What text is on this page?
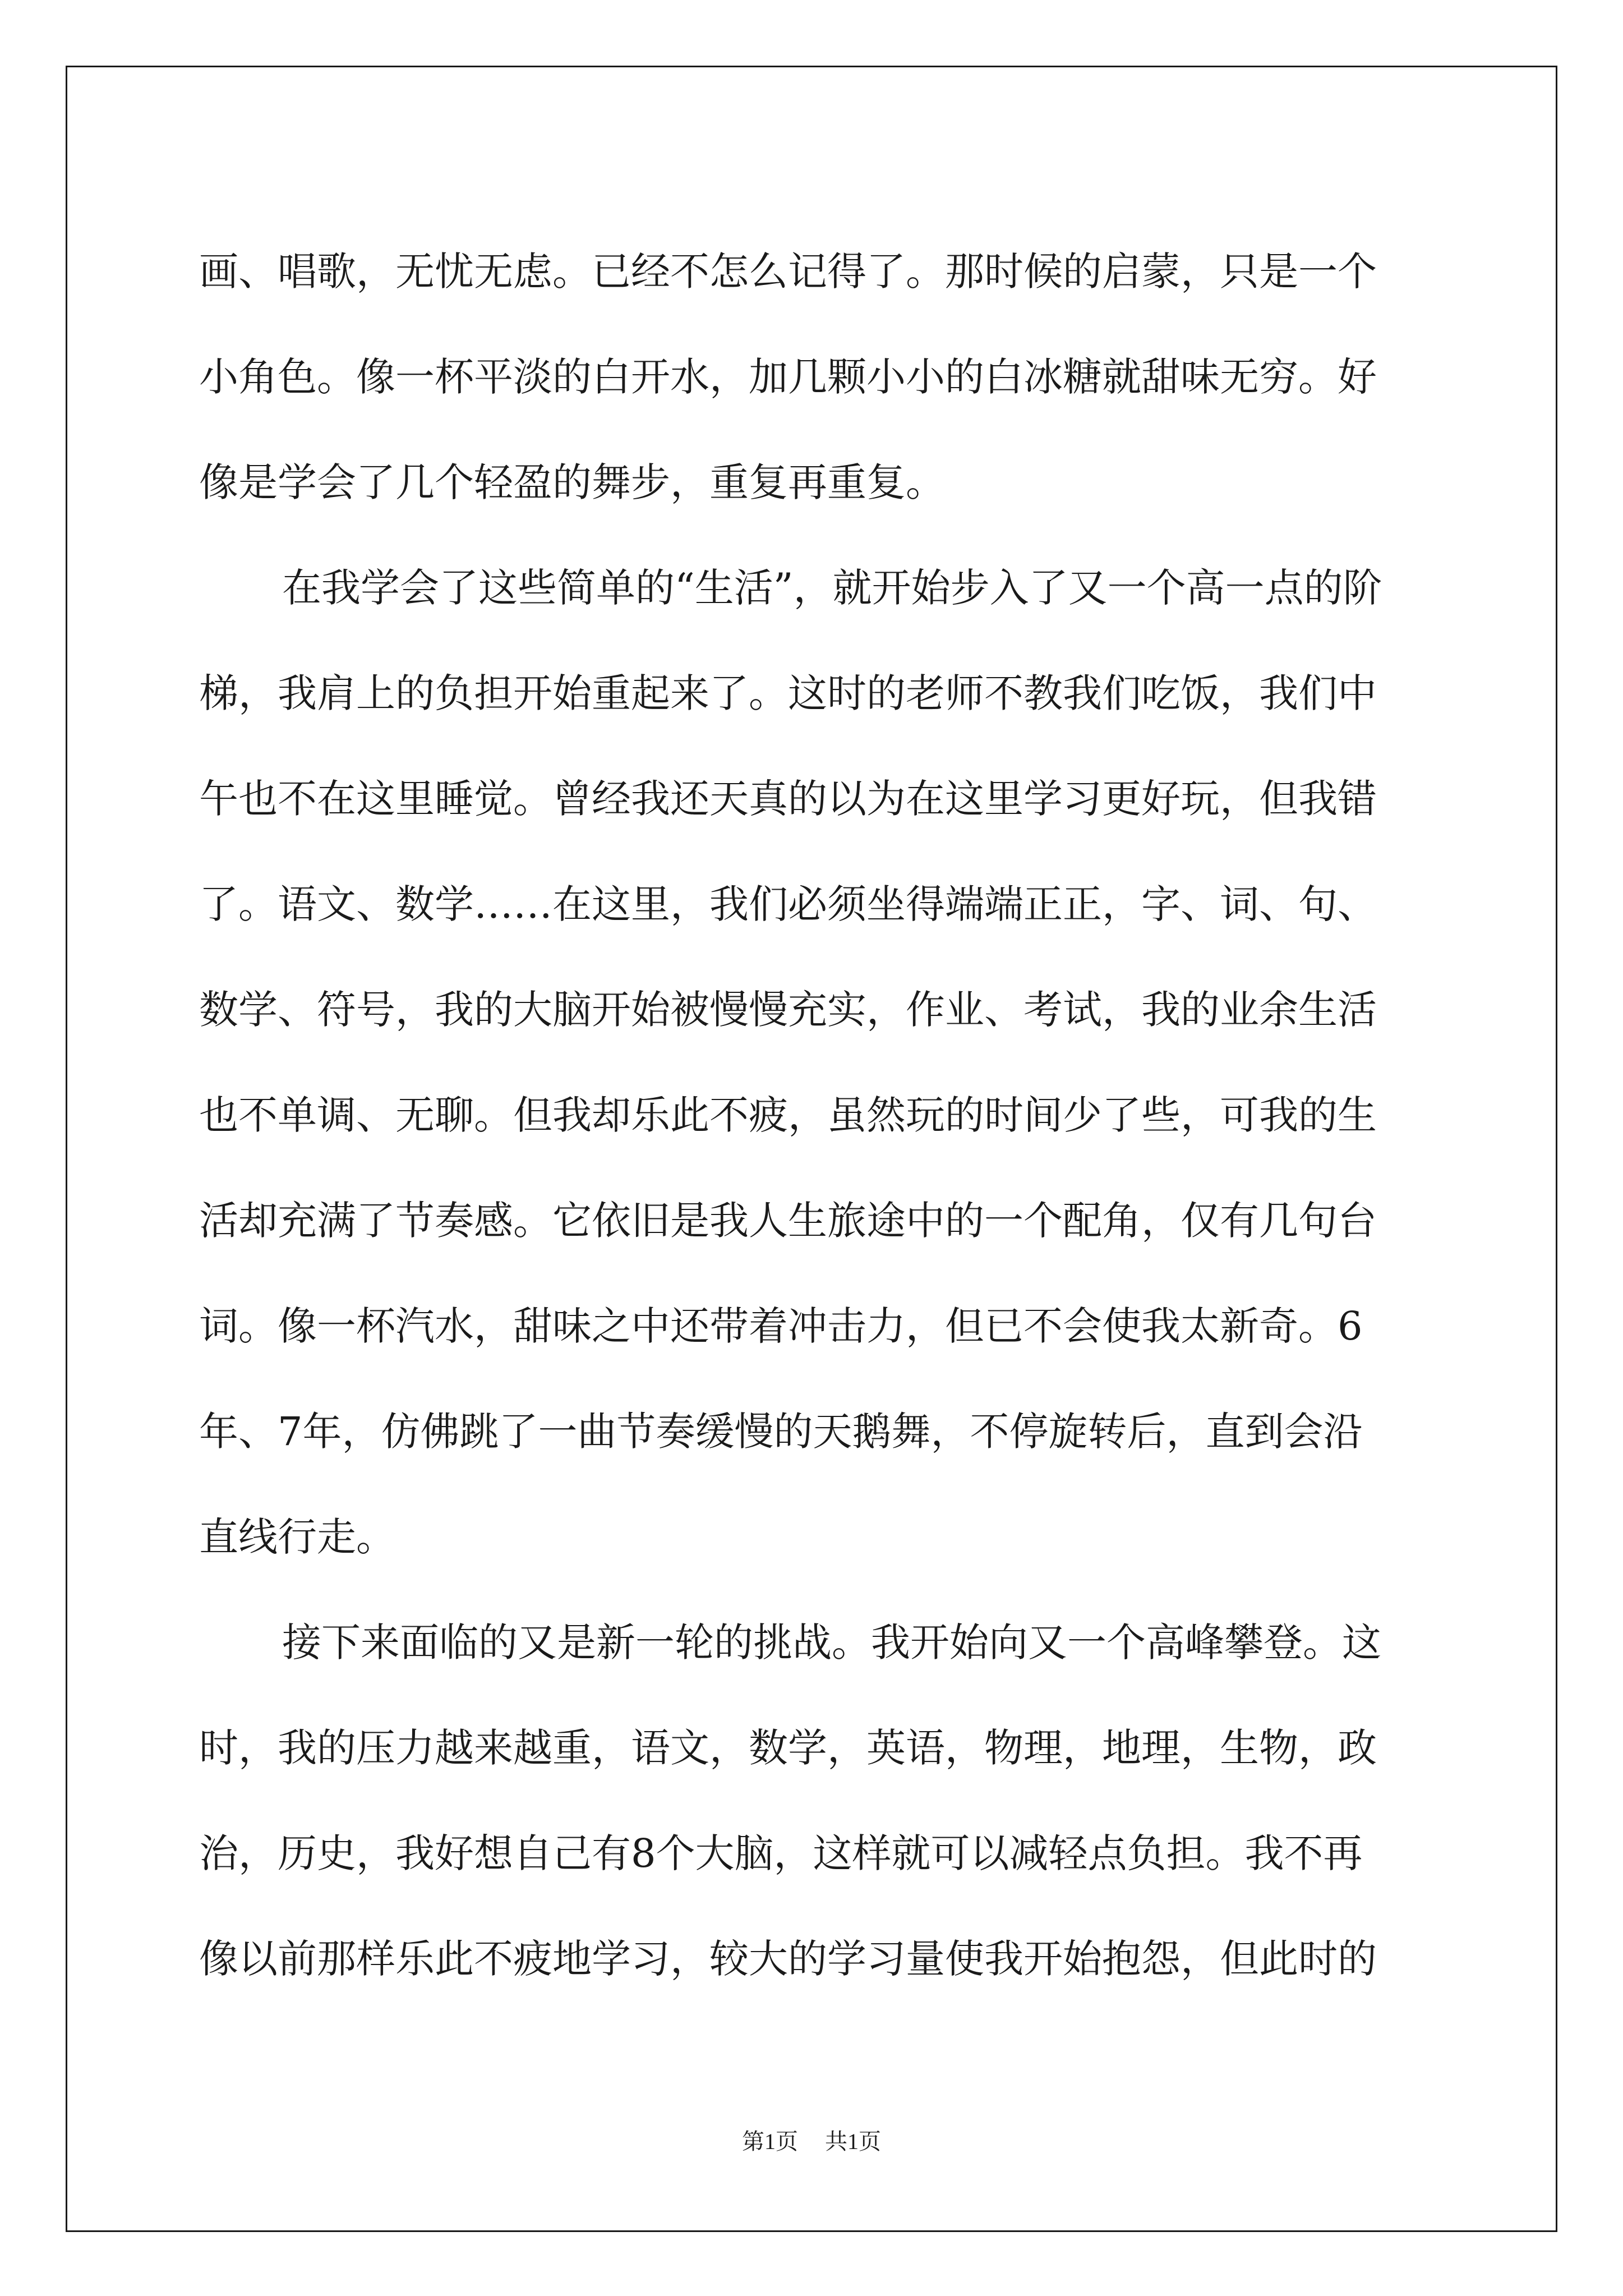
画、唱歌，无忧无虑。已经不怎么记得了。那时候的启蒙，只是一个
小角色。像一杯平淡的白开水，加几颗小小的白冰糖就甜味无穷。好
像是学会了几个轻盈的舞步，重复再重复。
在我学会了这些简单的“生活”，就开始步入了又一个高一点的阶
梯，我肩上的负担开始重起来了。这时的老师不教我们吃饭，我们中
午也不在这里睡觉。曾经我还天真的以为在这里学习更好玩，但我错
了。语文、数学……在这里，我们必须坐得端端正正，字、词、句、
数学、符号，我的大脑开始被慢慢充实，作业、考试，我的业余生活
也不单调、无聊。但我却乐此不疲，虽然玩的时间少了些，可我的生
活却充满了节奏感。它依旧是我人生旅途中的一个配角，仅有几句台
词。像一杯汽水，甜味之中还带着冲击力，但已不会使我太新奇。6
年、7年，仿佛跳了一曲节奏缓慢的天鹅舞，不停旋转后，直到会沿
直线行走。
接下来面临的又是新一轮的挑战。我开始向又一个高峰攀登。这
时，我的压力越来越重，语文，数学，英语，物理，地理，生物，政
治，历史，我好想自己有8个大脑，这样就可以减轻点负担。我不再
像以前那样乐此不疲地学习，较大的学习量使我开始抱怨，但此时的
第1页 共1页
